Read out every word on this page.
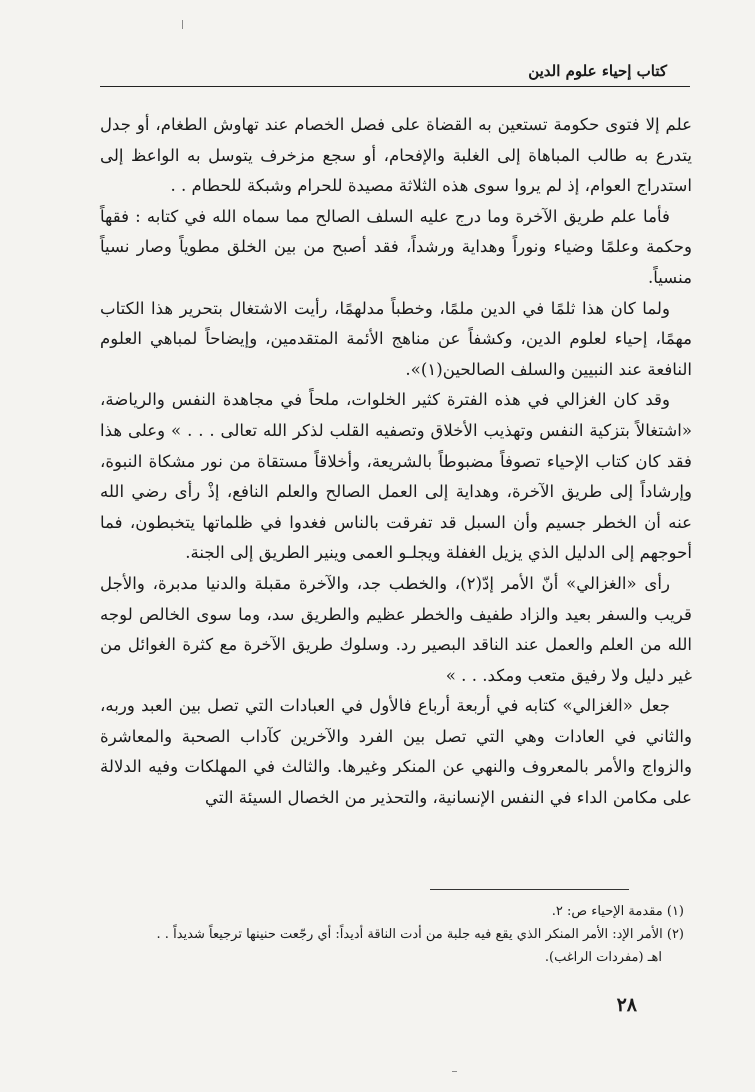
كتاب إحياء علوم الدين

علم إلا فتوى حكومة تستعين به القضاة على فصل الخصام عند تهاوش الطغام، أو جدل يتدرع به طالب المباهاة إلى الغلبة والإفحام، أو سجع مزخرف يتوسل به الواعظ إلى استدراج العوام، إذ لم يروا سوى هذه الثلاثة مصيدة للحرام وشبكة للحطام . .

فأما علم طريق الآخرة وما درج عليه السلف الصالح مما سماه الله في كتابه : فقهاً وحكمة وعلمًا وضياء ونوراً وهداية ورشداً، فقد أصبح من بين الخلق مطوياً وصار نسياً منسياً.

ولما كان هذا ثلمًا في الدين ملمًا، وخطباً مدلهمًا، رأيت الاشتغال بتحرير هذا الكتاب مهمًا، إحياء لعلوم الدين، وكشفاً عن مناهج الأئمة المتقدمين، وإيضاحاً لمباهي العلوم النافعة عند النبيين والسلف الصالحين(١)».

وقد كان الغزالي في هذه الفترة كثير الخلوات، ملحاً في مجاهدة النفس والرياضة، «اشتغالاً بتزكية النفس وتهذيب الأخلاق وتصفيه القلب لذكر الله تعالى . . . » وعلى هذا فقد كان كتاب الإحياء تصوفاً مضبوطاً بالشريعة، وأخلاقاً مستقاة من نور مشكاة النبوة، وإرشاداً إلى طريق الآخرة، وهداية إلى العمل الصالح والعلم النافع، إذْ رأى رضي الله عنه أن الخطر جسيم وأن السبل قد تفرقت بالناس فغدوا في ظلماتها يتخبطون، فما أحوجهم إلى الدليل الذي يزيل الغفلة ويجلـو العمى وينير الطريق إلى الجنة.

رأى «الغزالي» أنّ الأمر إدّ(٢)، والخطب جد، والآخرة مقبلة والدنيا مدبرة، والأجل قريب والسفر بعيد والزاد طفيف والخطر عظيم والطريق سد، وما سوى الخالص لوجه الله من العلم والعمل عند الناقد البصير رد. وسلوك طريق الآخرة مع كثرة الغوائل من غير دليل ولا رفيق متعب ومكد. . . »

جعل «الغزالي» كتابه في أربعة أرباع فالأول في العبادات التي تصل بين العبد وربه، والثاني في العادات وهي التي تصل بين الفرد والآخرين كآداب الصحبة والمعاشرة والزواج والأمر بالمعروف والنهي عن المنكر وغيرها. والثالث في المهلكات وفيه الدلالة على مكامن الداء في النفس الإنسانية، والتحذير من الخصال السيئة التي

(١) مقدمة الإحياء ص: ٢.

(٢) الأمر الإد: الأمر المنكر الذي يقع فيه جلبة من أدت الناقة أديداً: أي رجّعت حنينها ترجيعاً شديداً . .

اهـ (مفردات الراغب).

٢٨
